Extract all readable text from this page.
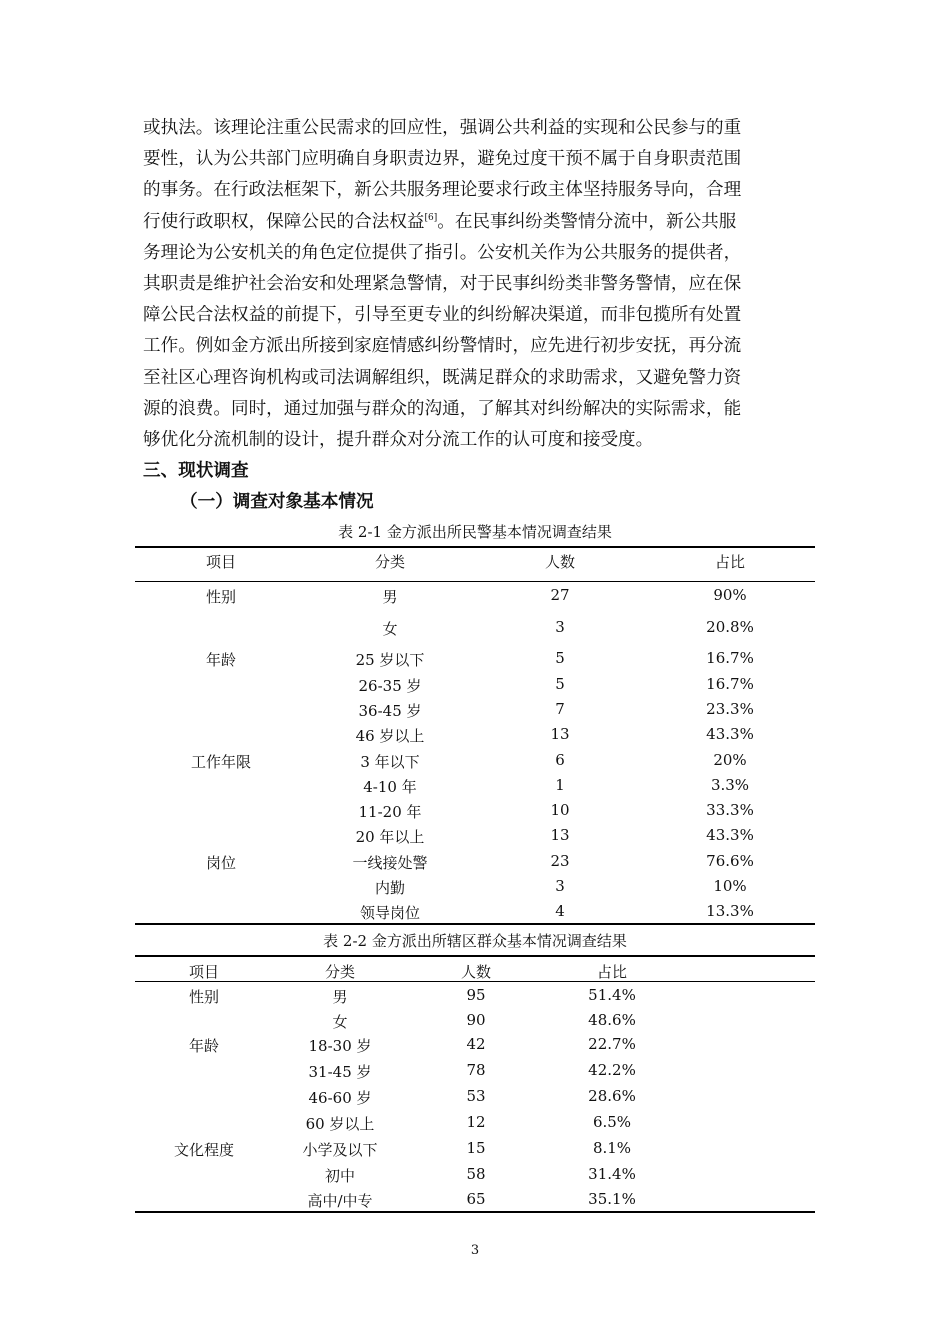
或执法。该理论注重公民需求的回应性，强调公共利益的实现和公民参与的重
要性，认为公共部门应明确自身职责边界，避免过度干预不属于自身职责范围
的事务。在行政法框架下，新公共服务理论要求行政主体坚持服务导向，合理
行使行政职权，保障公民的合法权益[6]。在民事纠纷类警情分流中，新公共服
务理论为公安机关的角色定位提供了指引。公安机关作为公共服务的提供者，
其职责是维护社会治安和处理紧急警情，对于民事纠纷类非警务警情，应在保
障公民合法权益的前提下，引导至更专业的纠纷解决渠道，而非包揽所有处置
工作。例如金方派出所接到家庭情感纠纷警情时，应先进行初步安抚，再分流
至社区心理咨询机构或司法调解组织，既满足群众的求助需求，又避免警力资
源的浪费。同时，通过加强与群众的沟通，了解其对纠纷解决的实际需求，能
够优化分流机制的设计，提升群众对分流工作的认可度和接受度。
三、现状调查
（一）调查对象基本情况
表 2-1 金方派出所民警基本情况调查结果
项目	分类	人数	占比
性别	男	27	90%
女	3	20.8%
年龄	25 岁以下	5	16.7%
26-35 岁	5	16.7%
36-45 岁	7	23.3%
46 岁以上	13	43.3%
工作年限	3 年以下	6	20%
4-10 年	1	3.3%
11-20 年	10	33.3%
20 年以上	13	43.3%
岗位	一线接处警	23	76.6%
内勤	3	10%
领导岗位	4	13.3%
表 2-2 金方派出所辖区群众基本情况调查结果
项目	分类	人数	占比
性别	男	95	51.4%
女	90	48.6%
年龄	18-30 岁	42	22.7%
31-45 岁	78	42.2%
46-60 岁	53	28.6%
60 岁以上	12	6.5%
文化程度	小学及以下	15	8.1%
初中	58	31.4%
高中/中专	65	35.1%
3
